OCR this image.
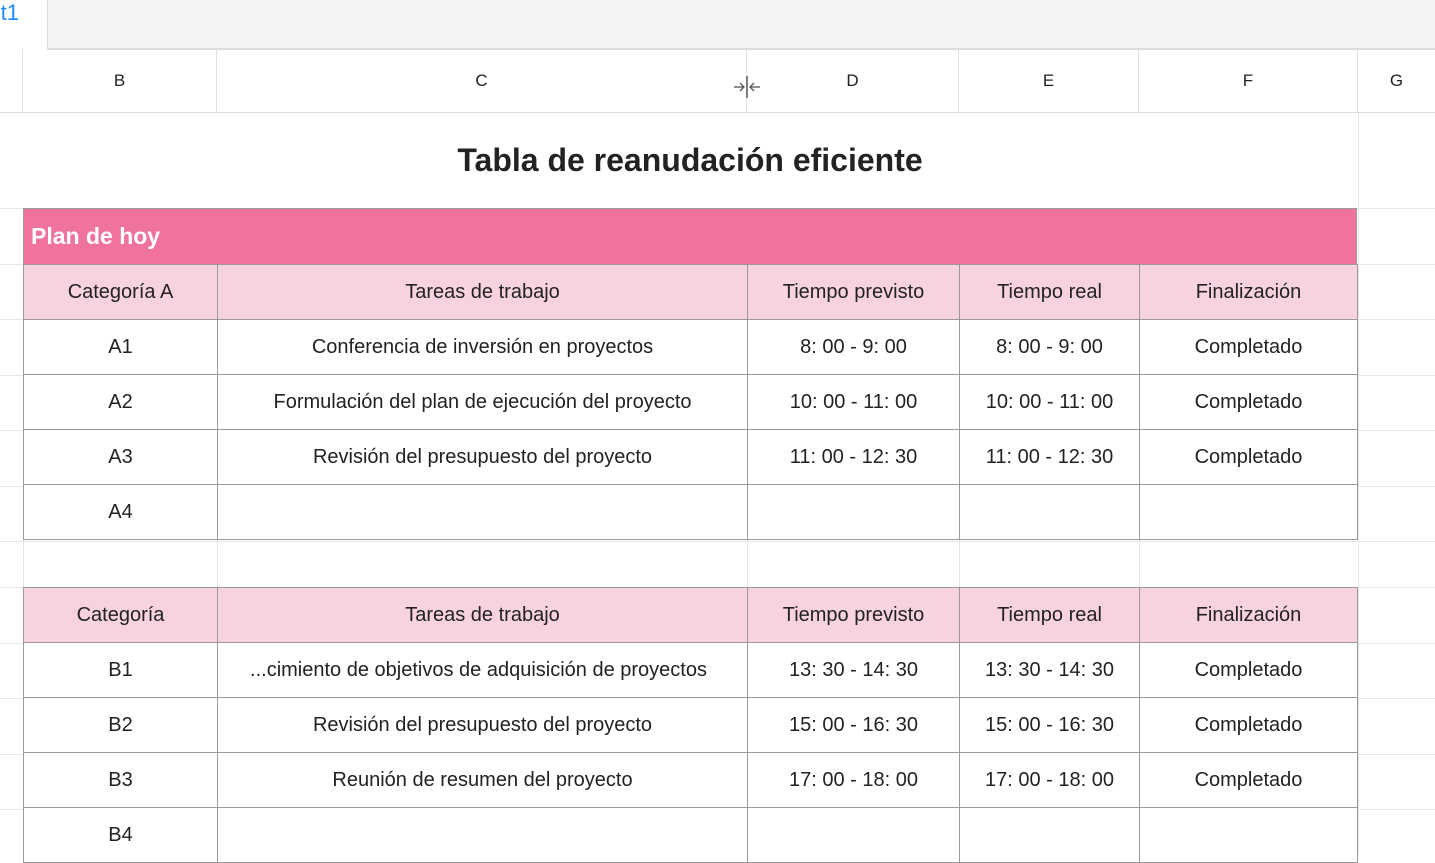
t1
B	C	D	E	F	G
Tabla de reanudación eficiente
Plan de hoy
Categoría A	Tareas de trabajo	Tiempo previsto	Tiempo real	Finalización
A1	Conferencia de inversión en proyectos	8: 00 - 9: 00	8: 00 - 9: 00	Completado
A2	Formulación del plan de ejecución del proyecto	10: 00 - 11: 00	10: 00 - 11: 00	Completado
A3	Revisión del presupuesto del proyecto	11: 00 - 12: 30	11: 00 - 12: 30	Completado
A4				
Categoría	Tareas de trabajo	Tiempo previsto	Tiempo real	Finalización
B1	...cimiento de objetivos de adquisición de proyectos	13: 30 - 14: 30	13: 30 - 14: 30	Completado
B2	Revisión del presupuesto del proyecto	15: 00 - 16: 30	15: 00 - 16: 30	Completado
B3	Reunión de resumen del proyecto	17: 00 - 18: 00	17: 00 - 18: 00	Completado
B4				
